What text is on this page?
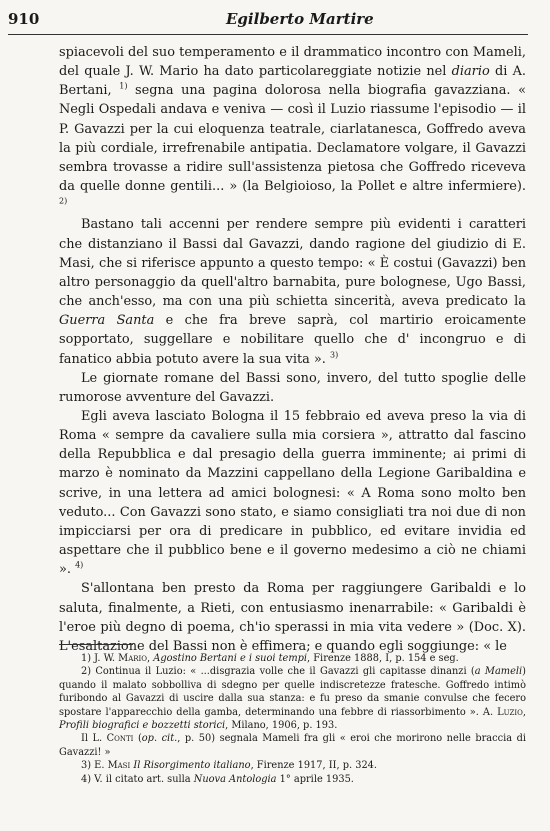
910	Egilberto Martire

spiacevoli del suo temperamento e il drammatico incontro con Mameli, del quale J. W. Mario ha dato particolareggiate notizie nel diario di A. Bertani, $^{1)}$ segna una pagina dolorosa nella biografia gavazziana. « Negli Ospedali andava e veniva — così il Luzio riassume l'episodio — il P. Gavazzi per la cui eloquenza teatrale, ciarlatanesca, Goffredo aveva la più cordiale, irrefrenabile antipatia. Declamatore volgare, il Gavazzi sembra trovasse a ridire sull'assistenza pietosa che Goffredo riceveva da quelle donne gentili... » (la Belgioioso, la Pollet e altre infermiere). $^{2)}$

Bastano tali accenni per rendere sempre più evidenti i caratteri che distanziano il Bassi dal Gavazzi, dando ragione del giudizio di E. Masi, che si riferisce appunto a questo tempo: « È costui (Gavazzi) ben altro personaggio da quell'altro barnabita, pure bolognese, Ugo Bassi, che anch'esso, ma con una più schietta sincerità, aveva predicato la Guerra Santa e che fra breve saprà, col martirio eroicamente sopportato, suggellare e nobilitare quello che d' incongruo e di fanatico abbia potuto avere la sua vita ». $^{3)}$

Le giornate romane del Bassi sono, invero, del tutto spoglie delle rumorose avventure del Gavazzi.

Egli aveva lasciato Bologna il 15 febbraio ed aveva preso la via di Roma « sempre da cavaliere sulla mia corsiera », attratto dal fascino della Repubblica e dal presagio della guerra imminente; ai primi di marzo è nominato da Mazzini cappellano della Legione Garibaldina e scrive, in una lettera ad amici bolognesi: « A Roma sono molto ben veduto... Con Gavazzi sono stato, e siamo consigliati tra noi due di non impicciarsi per ora di predicare in pubblico, ed evitare invidia ed aspettare che il pubblico bene e il governo medesimo a ciò ne chiami ». $^{4)}$

S'allontana ben presto da Roma per raggiungere Garibaldi e lo saluta, finalmente, a Rieti, con entusiasmo inenarrabile: « Garibaldi è l'eroe più degno di poema, ch'io sperassi in mia vita vedere » (Doc. X). L'esaltazione del Bassi non è effimera; e quando egli soggiunge: « le

1) J. W. Mario, Agostino Bertani e i suoi tempi, Firenze 1888, I, p. 154 e seg.

2) Continua il Luzio: « ...disgrazia volle che il Gavazzi gli capitasse dinanzi (a Mameli) quando il malato sobbolliva di sdegno per quelle indiscretezze fratesche. Goffredo intimò furibondo al Gavazzi di uscire dalla sua stanza: e fu preso da smanie convulse che fecero spostare l'apparecchio della gamba, determinando una febbre di riassorbimento ». A. Luzio, Profili biografici e bozzetti storici, Milano, 1906, p. 193.

Il L. Conti (op. cit., p. 50) segnala Mameli fra gli « eroi che morirono nelle braccia di Gavazzi! »

3) E. Masi Il Risorgimento italiano, Firenze 1917, II, p. 324.

4) V. il citato art. sulla Nuova Antologia 1° aprile 1935.
